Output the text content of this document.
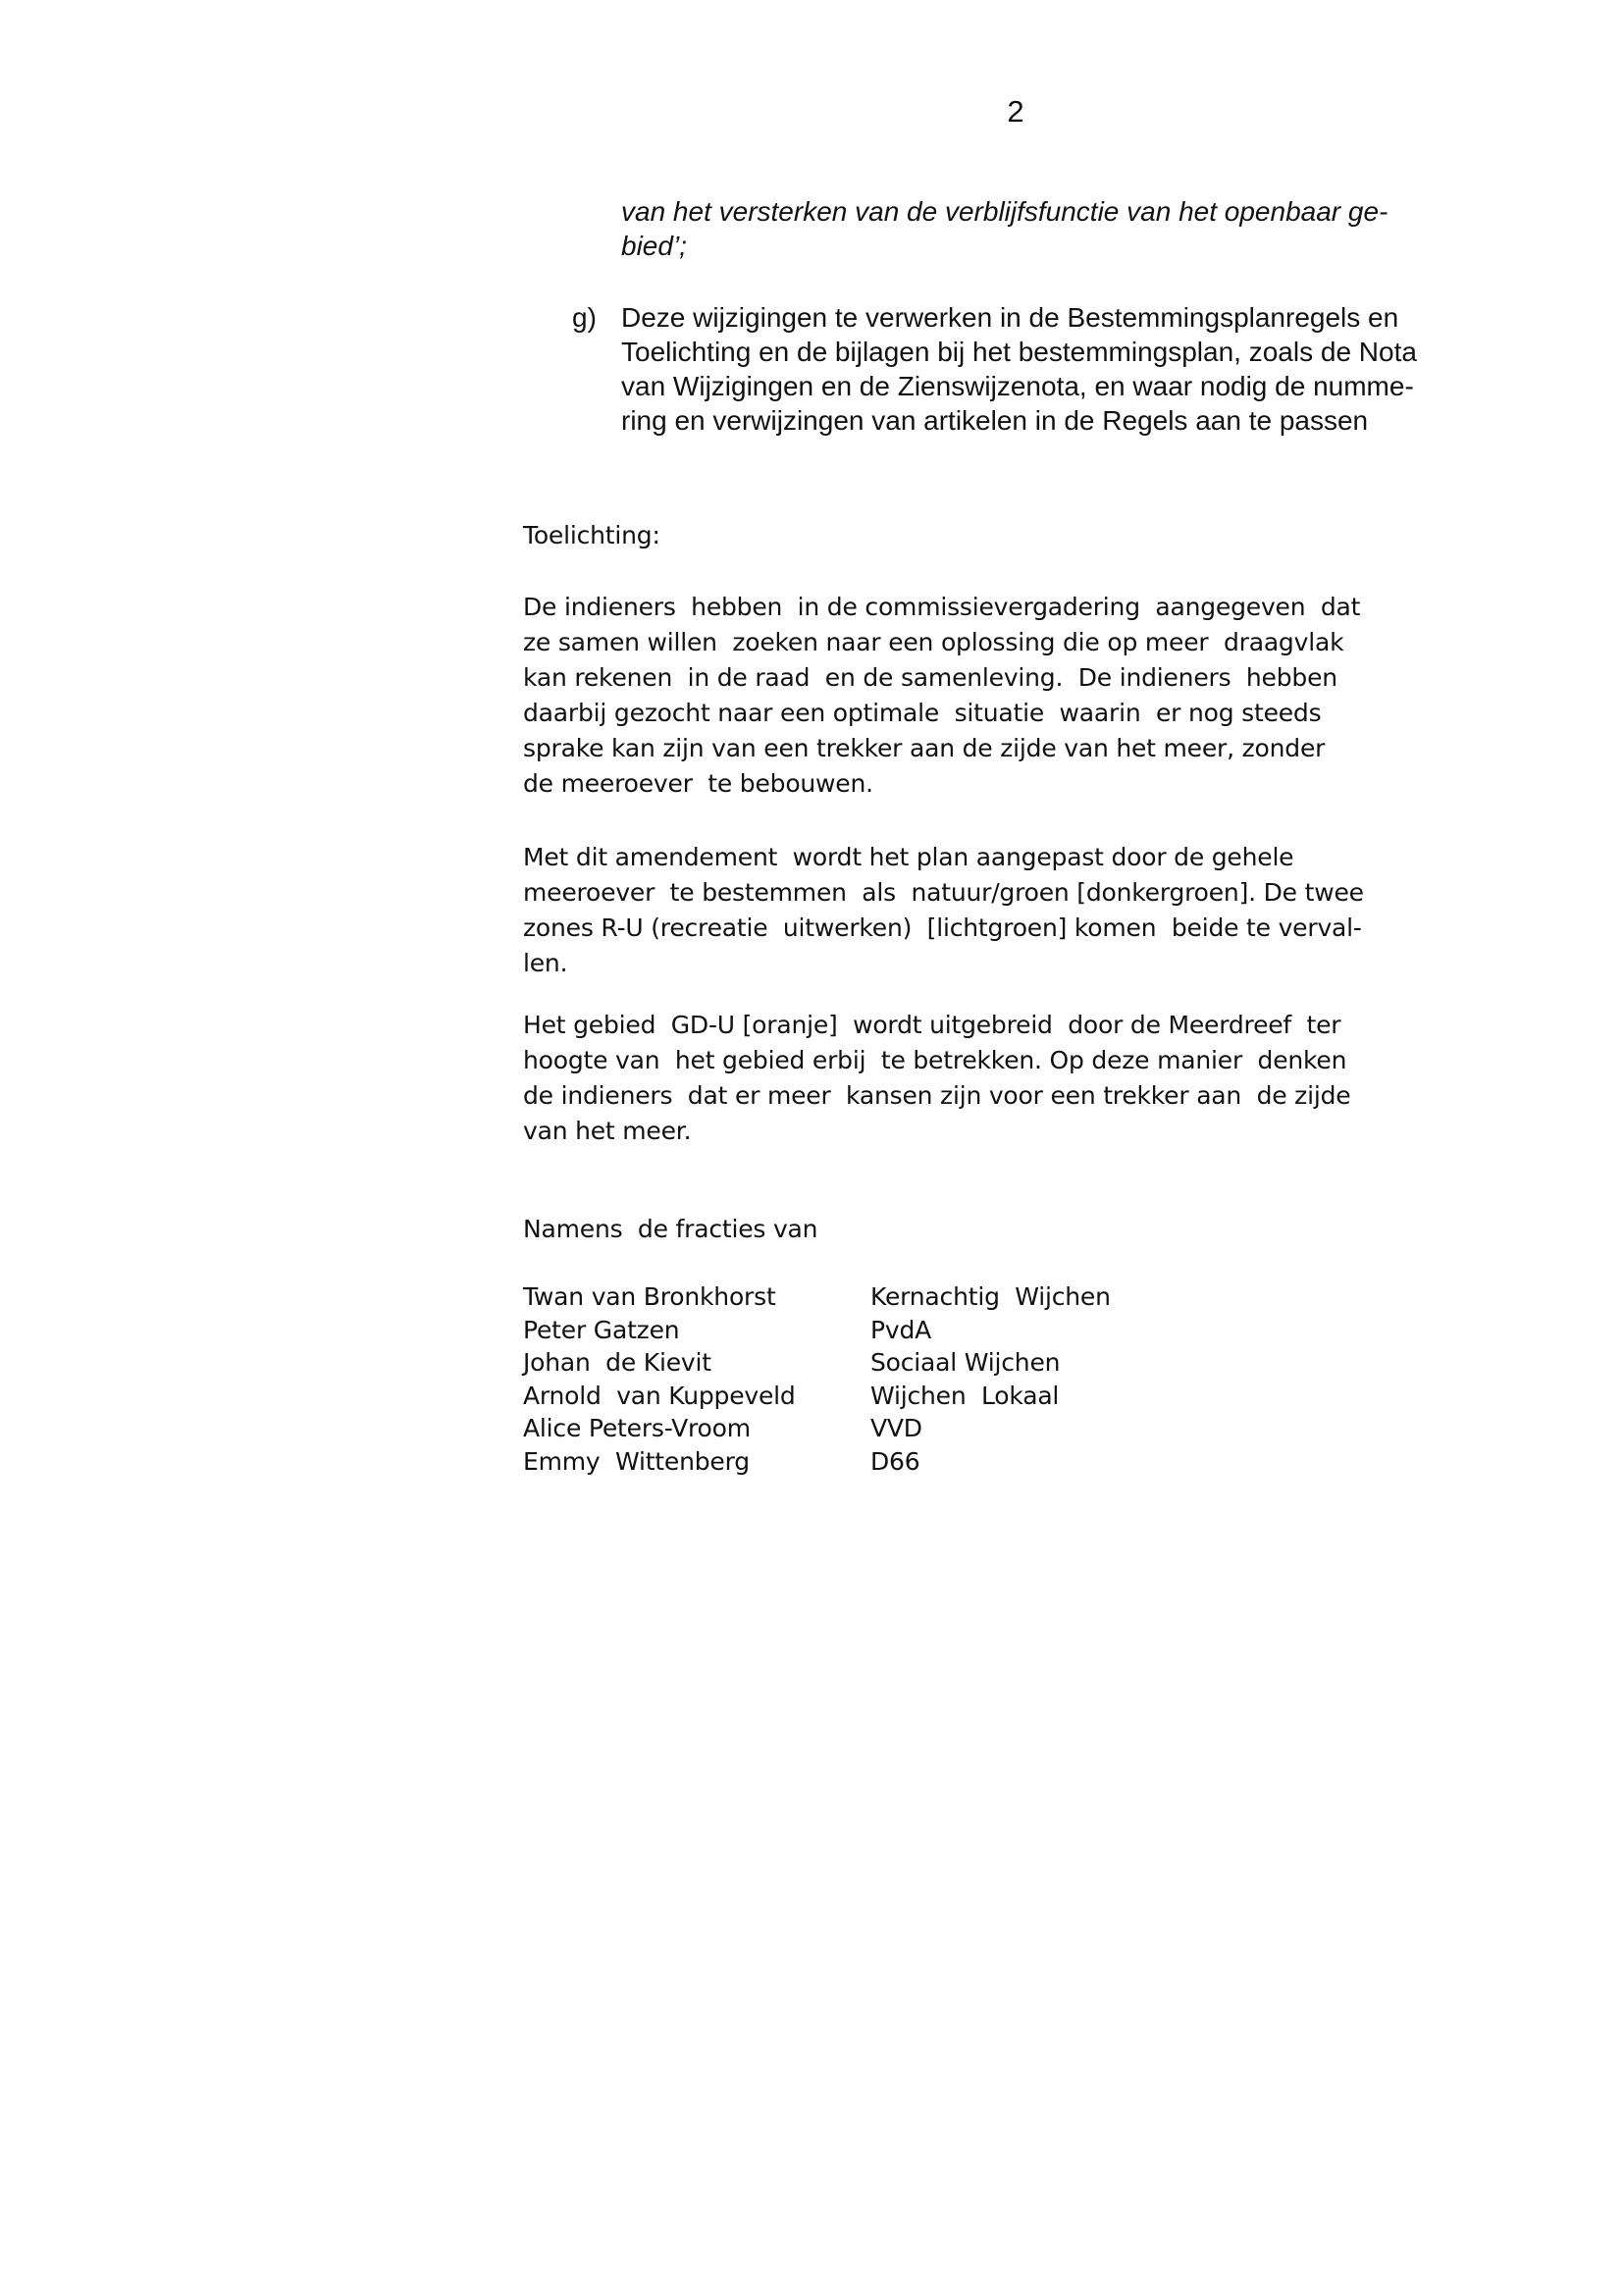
2
van het versterken van de verblijfsfunctie van het openbaar ge-
bied’;
g) Deze wijzigingen te verwerken in de Bestemmingsplanregels en
Toelichting en de bijlagen bij het bestemmingsplan, zoals de Nota
van Wijzigingen en de Zienswijzenota, en waar nodig de numme-
ring en verwijzingen van artikelen in de Regels aan te passen
Toelichting:
De indieners  hebben  in de commissievergadering  aangegeven  dat
ze samen willen  zoeken naar een oplossing die op meer  draagvlak
kan rekenen  in de raad  en de samenleving.  De indieners  hebben
daarbij gezocht naar een optimale  situatie  waarin  er nog steeds
sprake kan zijn van een trekker aan de zijde van het meer, zonder
de meeroever  te bebouwen.
Met dit amendement  wordt het plan aangepast door de gehele
meeroever  te bestemmen  als  natuur/groen [donkergroen]. De twee
zones R-U (recreatie  uitwerken)  [lichtgroen] komen  beide te verval-
len.
Het gebied  GD-U [oranje]  wordt uitgebreid  door de Meerdreef  ter
hoogte van  het gebied erbij  te betrekken. Op deze manier  denken
de indieners  dat er meer  kansen zijn voor een trekker aan  de zijde
van het meer.
Namens  de fracties van
Twan van Bronkhorst	Kernachtig  Wijchen
Peter Gatzen	PvdA
Johan  de Kievit	Sociaal Wijchen
Arnold  van Kuppeveld	Wijchen  Lokaal
Alice Peters-Vroom	VVD
Emmy  Wittenberg	D66
